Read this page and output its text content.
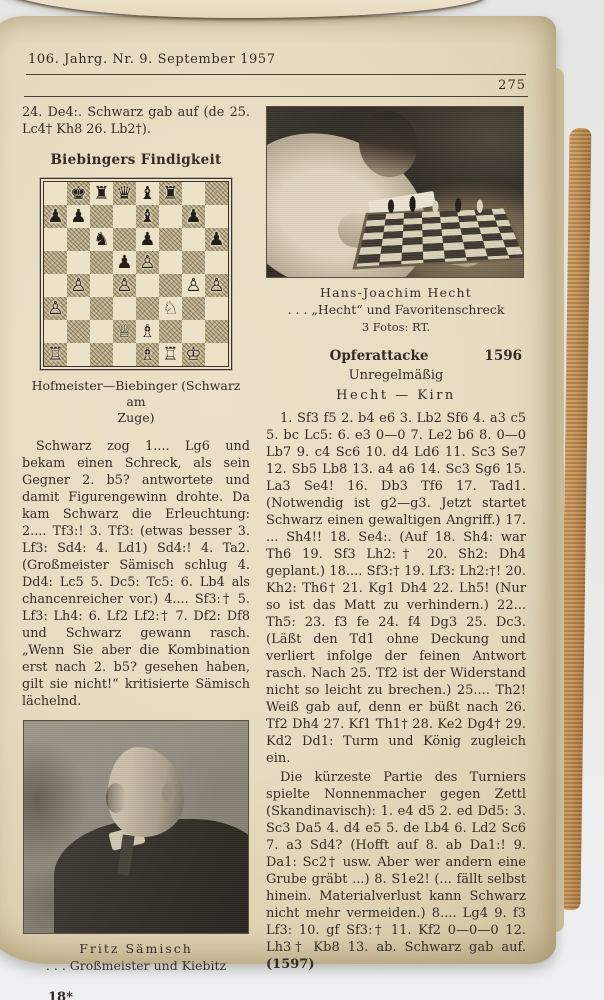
106. Jahrg. Nr. 9. September 1957
275

24. De4:. Schwarz gab auf (de 25. Lc4† Kh8 26. Lb2†).

Biebingers Findigkeit
♚ ♜ ♛ ♝ ♜
♟ ♟	♝ ♟
♞ ♟	♟
♟ ♙
♙ ♙	♙ ♙
♙	♘
♕ ♗
♖	♗ ♖ ♔
Hofmeister—Biebinger (Schwarz am
Zuge)

Schwarz zog 1.... Lg6 und bekam einen Schreck, als sein Gegner 2. b5? antwortete und damit Figurengewinn drohte. Da kam Schwarz die Erleuchtung: 2.... Tf3:! 3. Tf3: (etwas besser 3. Lf3: Sd4: 4. Ld1) Sd4:! 4. Ta2. (Großmeister Sämisch schlug 4. Dd4: Lc5 5. Dc5: Tc5: 6. Lb4 als chancenreicher vor.) 4.... Sf3:† 5. Lf3: Lh4: 6. Lf2 Lf2:† 7. Df2: Df8 und Schwarz gewann rasch. „Wenn Sie aber die Kombination erst nach 2. b5? gesehen haben, gilt sie nicht!“ kritisierte Sämisch lächelnd.

Fritz Sämisch
. . . Großmeister und Kiebitz
18*
Hans-Joachim Hecht
. . . „Hecht“ und Favoritenschreck
3 Fotos: RT.
Opferattacke	1596
Unregelmäßig
Hecht — Kirn

1. Sf3 f5 2. b4 e6 3. Lb2 Sf6 4. a3 c5 5. bc Lc5: 6. e3 0—0 7. Le2 b6 8. 0—0 Lb7 9. c4 Sc6 10. d4 Ld6 11. Sc3 Se7 12. Sb5 Lb8 13. a4 a6 14. Sc3 Sg6 15. La3 Se4! 16. Db3 Tf6 17. Tad1. (Notwendig ist g2—g3. Jetzt startet Schwarz einen gewaltigen Angriff.) 17. ... Sh4!! 18. Se4:. (Auf 18. Sh4: war Th6 19. Sf3 Lh2:† 20. Sh2: Dh4 geplant.) 18.... Sf3:† 19. Lf3: Lh2:†! 20. Kh2: Th6† 21. Kg1 Dh4 22. Lh5! (Nur so ist das Matt zu verhindern.) 22... Th5: 23. f3 fe 24. f4 Dg3 25. Dc3. (Läßt den Td1 ohne Deckung und verliert infolge der feinen Antwort rasch. Nach 25. Tf2 ist der Widerstand nicht so leicht zu brechen.) 25.... Th2! Weiß gab auf, denn er büßt nach 26. Tf2 Dh4 27. Kf1 Th1† 28. Ke2 Dg4† 29. Kd2 Dd1: Turm und König zugleich ein.

Die kürzeste Partie des Turniers spielte Nonnenmacher gegen Zettl (Skandinavisch): 1. e4 d5 2. ed Dd5: 3. Sc3 Da5 4. d4 e5 5. de Lb4 6. Ld2 Sc6 7. a3 Sd4? (Hofft auf 8. ab Da1:! 9. Da1: Sc2† usw. Aber wer andern eine Grube gräbt ...) 8. S1e2! (... fällt selbst hinein. Materialverlust kann Schwarz nicht mehr vermeiden.) 8.... Lg4 9. f3 Lf3: 10. gf Sf3:† 11. Kf2 0—0—0 12. Lh3† Kb8 13. ab. Schwarz gab auf. (1597)
